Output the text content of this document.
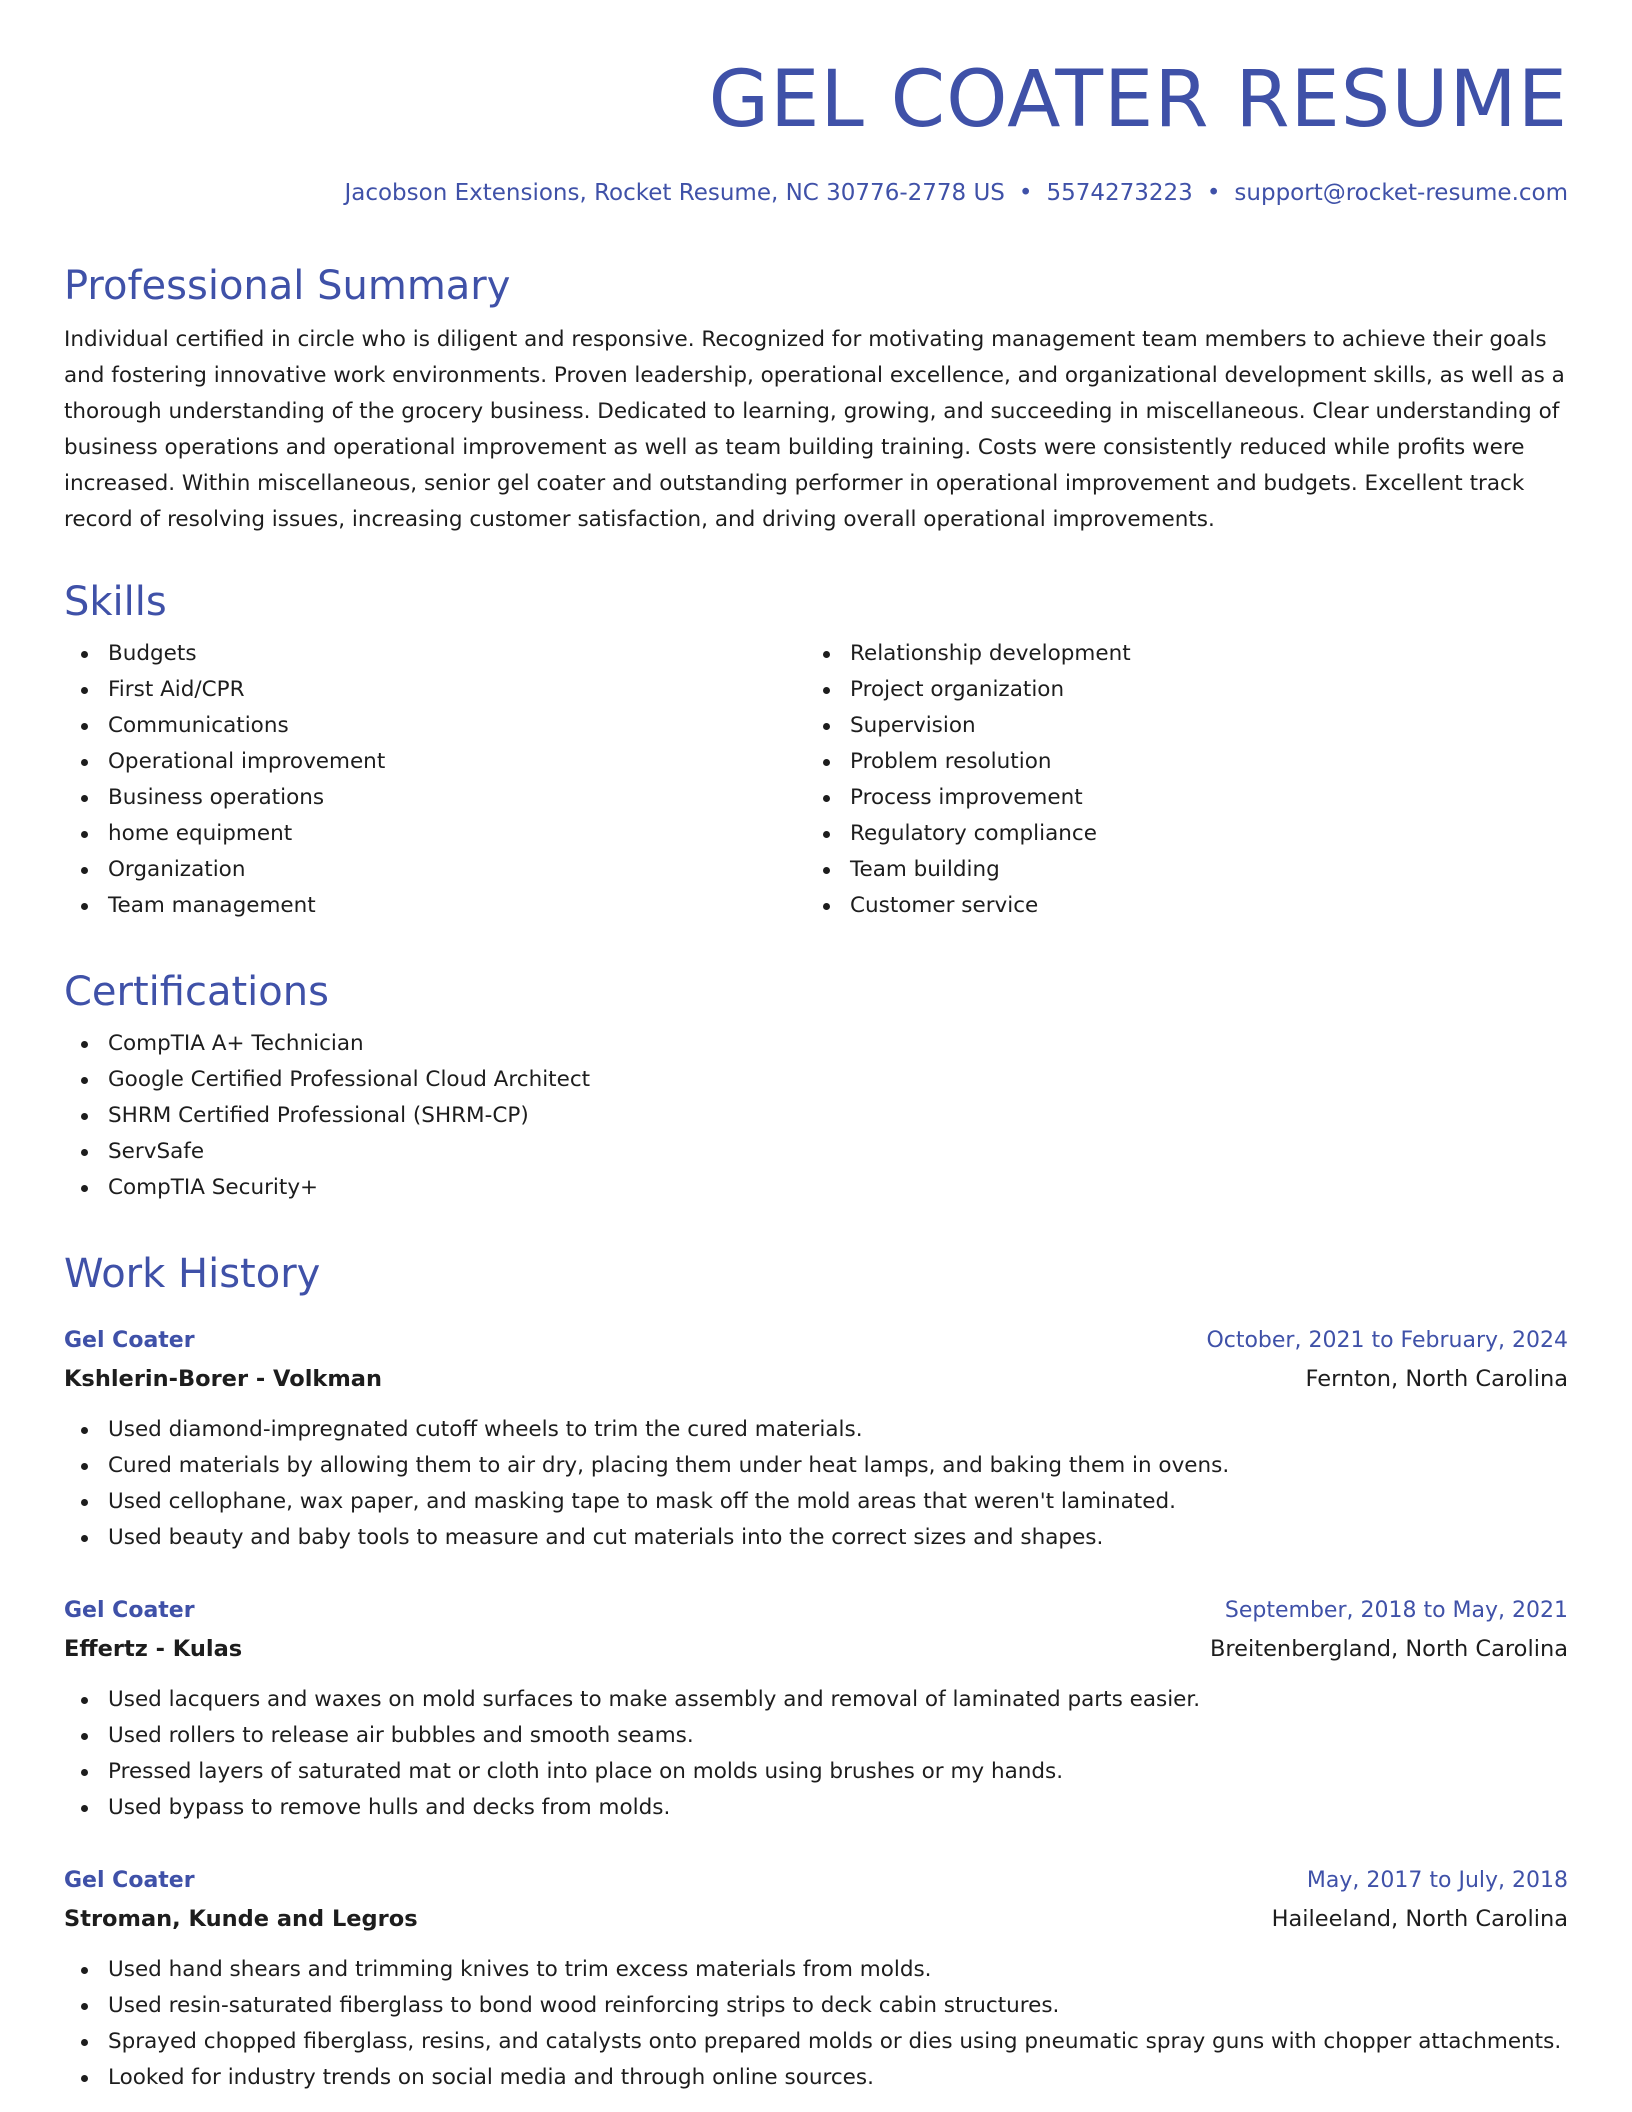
GEL COATER RESUME
Jacobson Extensions, Rocket Resume, NC 30776-2778 US • 5574273223 • support@rocket-resume.com
Professional Summary

Individual certified in circle who is diligent and responsive. Recognized for motivating management team members to achieve their goals and fostering innovative work environments. Proven leadership, operational excellence, and organizational development skills, as well as a thorough understanding of the grocery business. Dedicated to learning, growing, and succeeding in miscellaneous. Clear understanding of business operations and operational improvement as well as team building training. Costs were consistently reduced while profits were increased. Within miscellaneous, senior gel coater and outstanding performer in operational improvement and budgets. Excellent track record of resolving issues, increasing customer satisfaction, and driving overall operational improvements.

Skills
Budgets
First Aid/CPR
Communications
Operational improvement
Business operations
home equipment
Organization
Team management
Relationship development
Project organization
Supervision
Problem resolution
Process improvement
Regulatory compliance
Team building
Customer service
Certifications
CompTIA A+ Technician
Google Certified Professional Cloud Architect
SHRM Certified Professional (SHRM-CP)
ServSafe
CompTIA Security+
Work History
Gel Coater	October, 2021 to February, 2024
Kshlerin-Borer - Volkman	Fernton, North Carolina
Used diamond-impregnated cutoff wheels to trim the cured materials.
Cured materials by allowing them to air dry, placing them under heat lamps, and baking them in ovens.
Used cellophane, wax paper, and masking tape to mask off the mold areas that weren't laminated.
Used beauty and baby tools to measure and cut materials into the correct sizes and shapes.
Gel Coater	September, 2018 to May, 2021
Effertz - Kulas	Breitenbergland, North Carolina
Used lacquers and waxes on mold surfaces to make assembly and removal of laminated parts easier.
Used rollers to release air bubbles and smooth seams.
Pressed layers of saturated mat or cloth into place on molds using brushes or my hands.
Used bypass to remove hulls and decks from molds.
Gel Coater	May, 2017 to July, 2018
Stroman, Kunde and Legros	Haileeland, North Carolina
Used hand shears and trimming knives to trim excess materials from molds.
Used resin-saturated fiberglass to bond wood reinforcing strips to deck cabin structures.
Sprayed chopped fiberglass, resins, and catalysts onto prepared molds or dies using pneumatic spray guns with chopper attachments.
Looked for industry trends on social media and through online sources.
